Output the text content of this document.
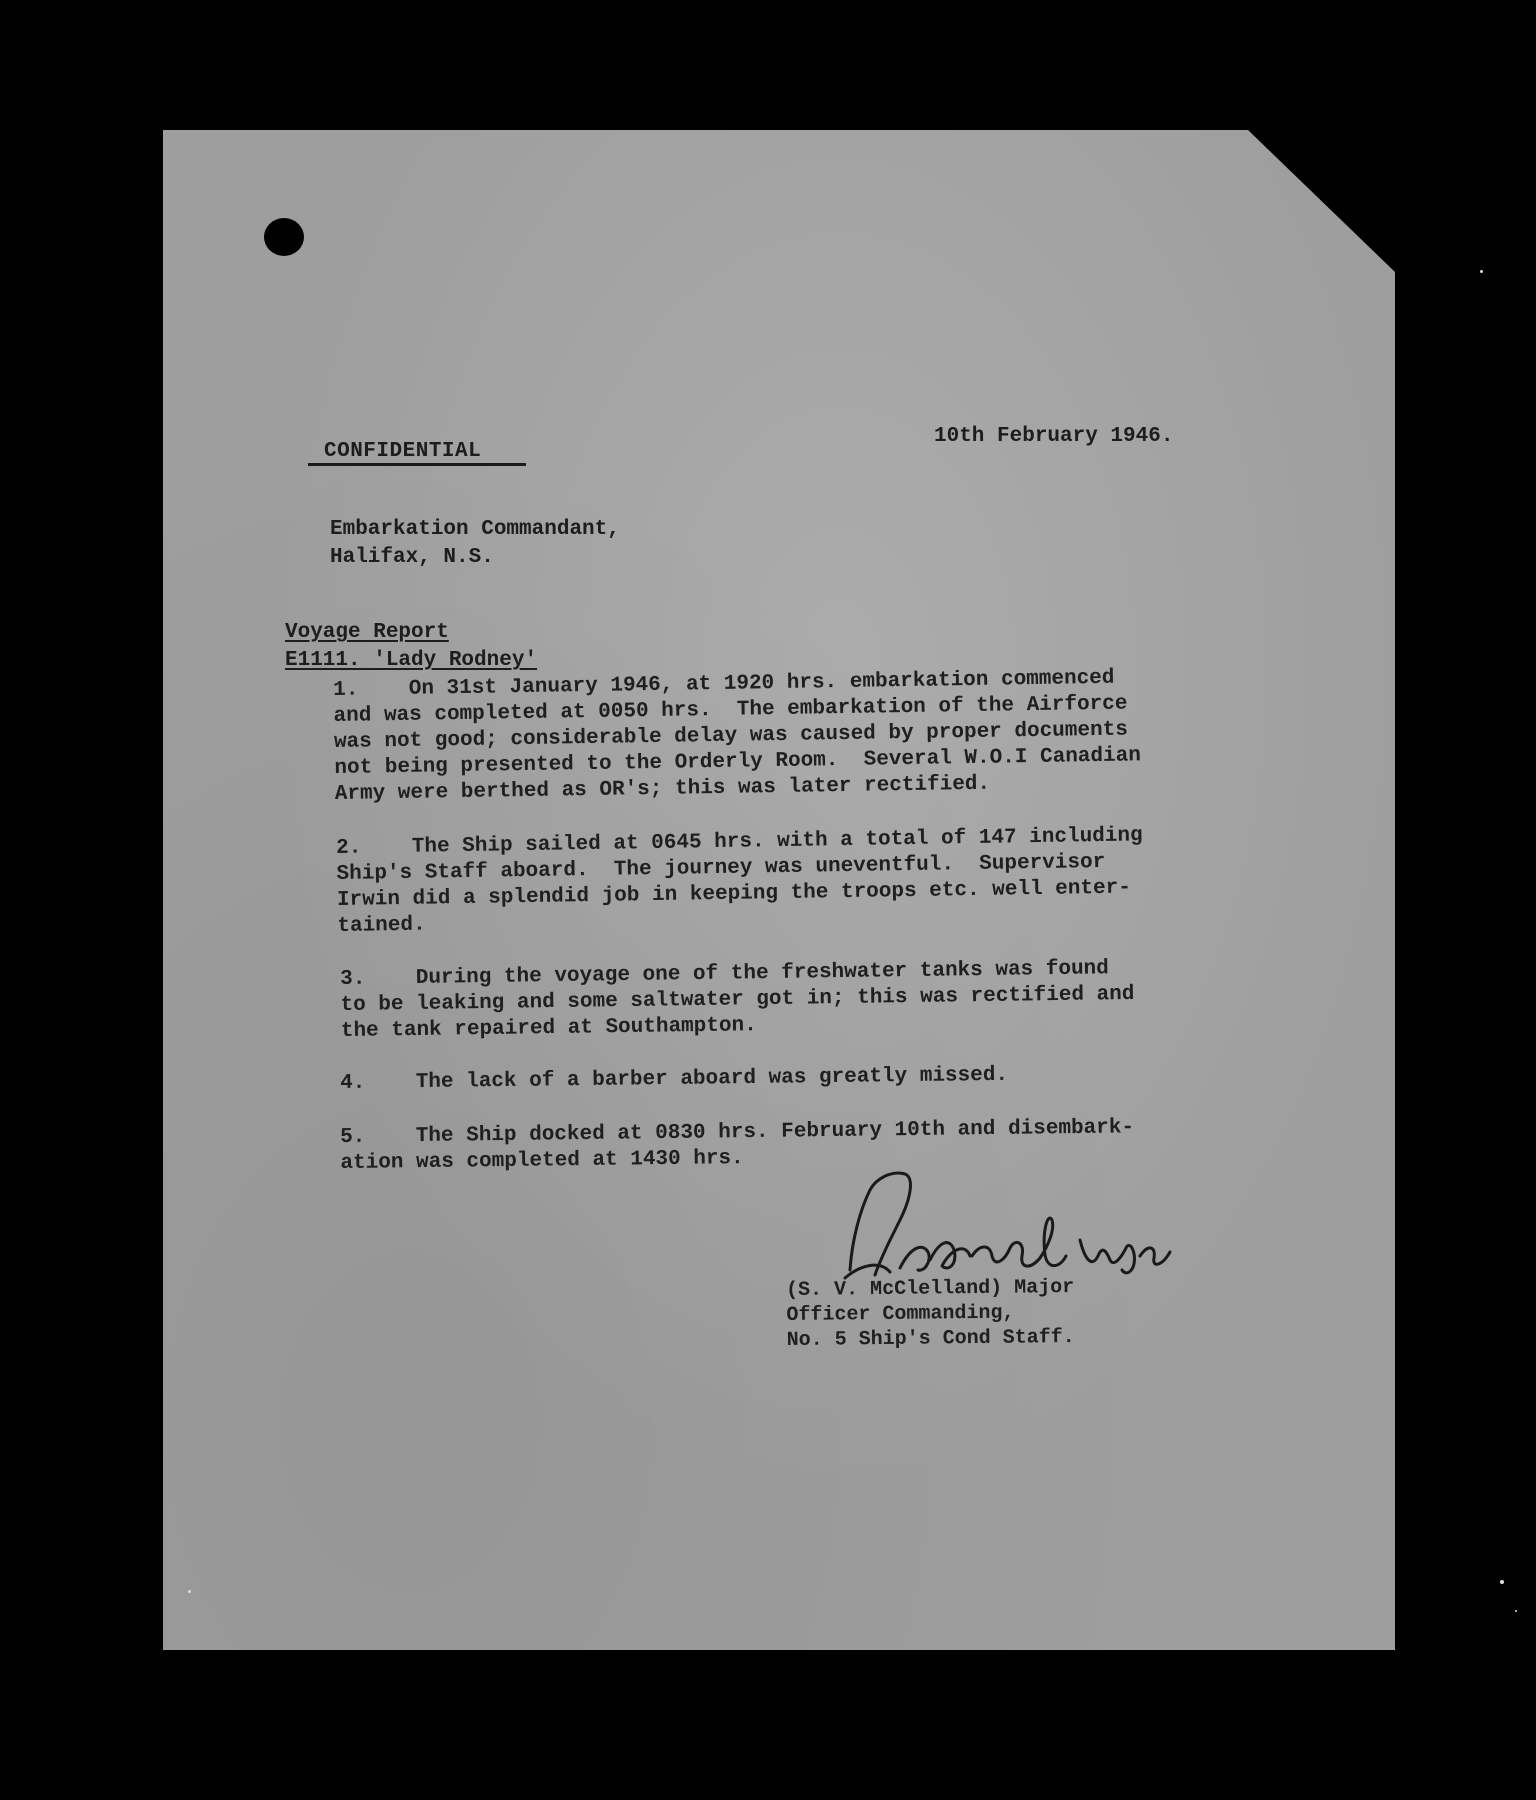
CONFIDENTIAL

10th February 1946.

Embarkation Commandant,

Halifax, N.S.

Voyage Report

E1111. 'Lady Rodney'

1.    On 31st January 1946, at 1920 hrs. embarkation commenced
and was completed at 0050 hrs.  The embarkation of the Airforce
was not good; considerable delay was caused by proper documents
not being presented to the Orderly Room.  Several W.O.I Canadian
Army were berthed as OR's; this was later rectified.
2.    The Ship sailed at 0645 hrs. with a total of 147 including
Ship's Staff aboard.  The journey was uneventful.  Supervisor
Irwin did a splendid job in keeping the troops etc. well enter-
tained.
3.    During the voyage one of the freshwater tanks was found
to be leaking and some saltwater got in; this was rectified and
the tank repaired at Southampton.
4.    The lack of a barber aboard was greatly missed.
5.    The Ship docked at 0830 hrs. February 10th and disembark-
ation was completed at 1430 hrs.
(S. V. McClelland) Major
Officer Commanding,
No. 5 Ship's Cond Staff.
